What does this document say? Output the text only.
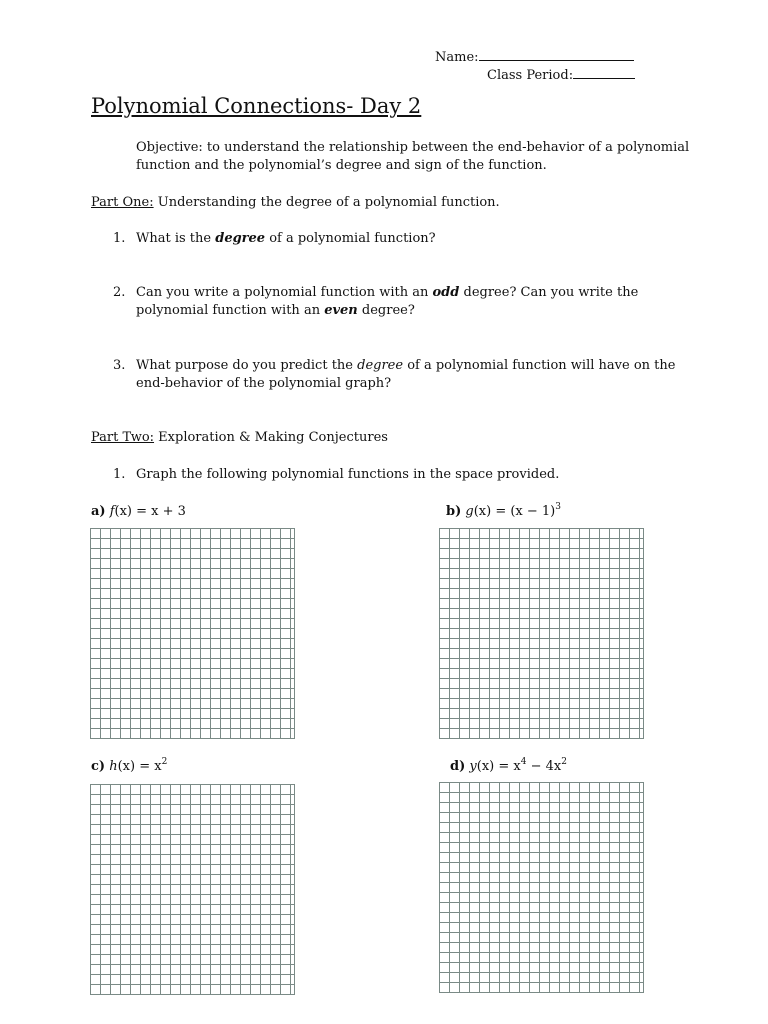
Name:
Class Period:
Polynomial Connections- Day 2
Objective: to understand the relationship between the end-behavior of a polynomial
function and the polynomial’s degree and sign of the function.
Part One: Understanding the degree of a polynomial function.
1. What is the degree of a polynomial function?
2. Can you write a polynomial function with an odd degree? Can you write the
polynomial function with an even degree?
3. What purpose do you predict the degree of a polynomial function will have on the
end-behavior of the polynomial graph?
Part Two: Exploration & Making Conjectures
1. Graph the following polynomial functions in the space provided.
a) f(x) = x + 3	b) $g(x) = (x - 1)^3$
c) $h(x) = x^2$	d) $y(x) = x^4 - 4x^2$
